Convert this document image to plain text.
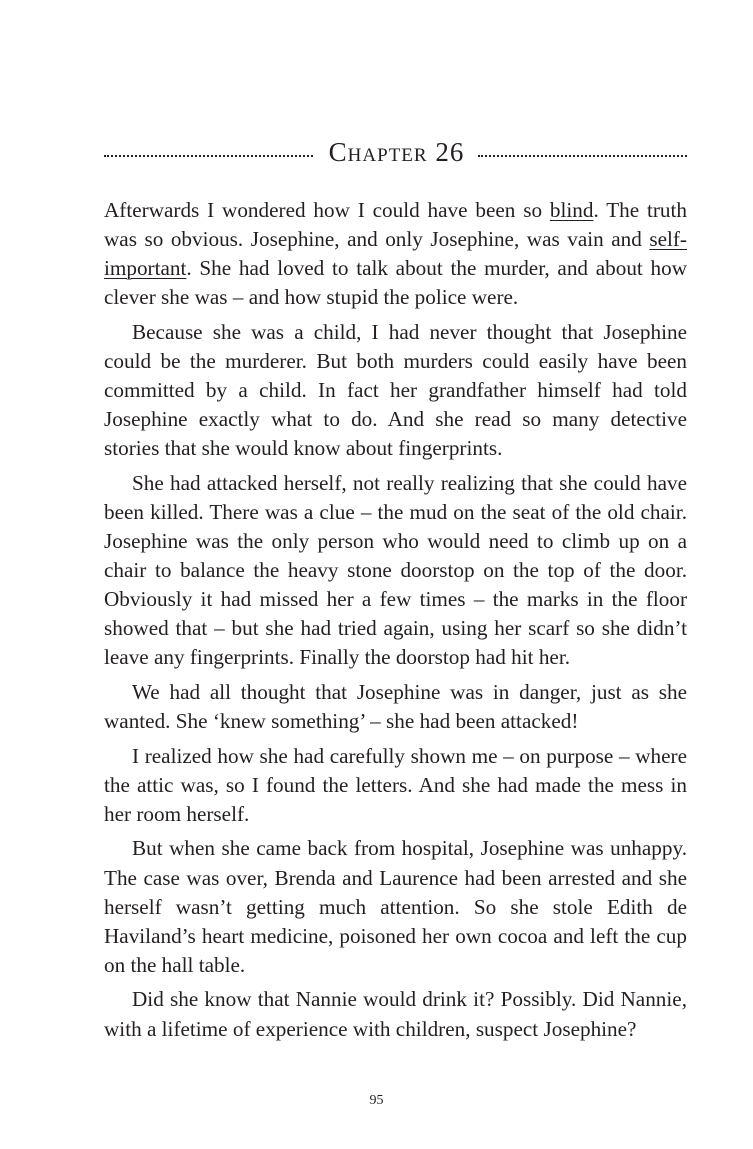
Chapter 26

Afterwards I wondered how I could have been so blind. The truth was so obvious. Josephine, and only Josephine, was vain and self-important. She had loved to talk about the murder, and about how clever she was – and how stupid the police were.

Because she was a child, I had never thought that Josephine could be the murderer. But both murders could easily have been committed by a child. In fact her grandfather himself had told Josephine exactly what to do. And she read so many detective stories that she would know about fingerprints.

She had attacked herself, not really realizing that she could have been killed. There was a clue – the mud on the seat of the old chair. Josephine was the only person who would need to climb up on a chair to balance the heavy stone doorstop on the top of the door. Obviously it had missed her a few times – the marks in the floor showed that – but she had tried again, using her scarf so she didn’t leave any fingerprints. Finally the doorstop had hit her.

We had all thought that Josephine was in danger, just as she wanted. She ‘knew something’ – she had been attacked!

I realized how she had carefully shown me – on purpose – where the attic was, so I found the letters. And she had made the mess in her room herself.

But when she came back from hospital, Josephine was unhappy. The case was over, Brenda and Laurence had been arrested and she herself wasn’t getting much attention. So she stole Edith de Haviland’s heart medicine, poisoned her own cocoa and left the cup on the hall table.

Did she know that Nannie would drink it? Possibly. Did Nannie, with a lifetime of experience with children, suspect Josephine?

95
